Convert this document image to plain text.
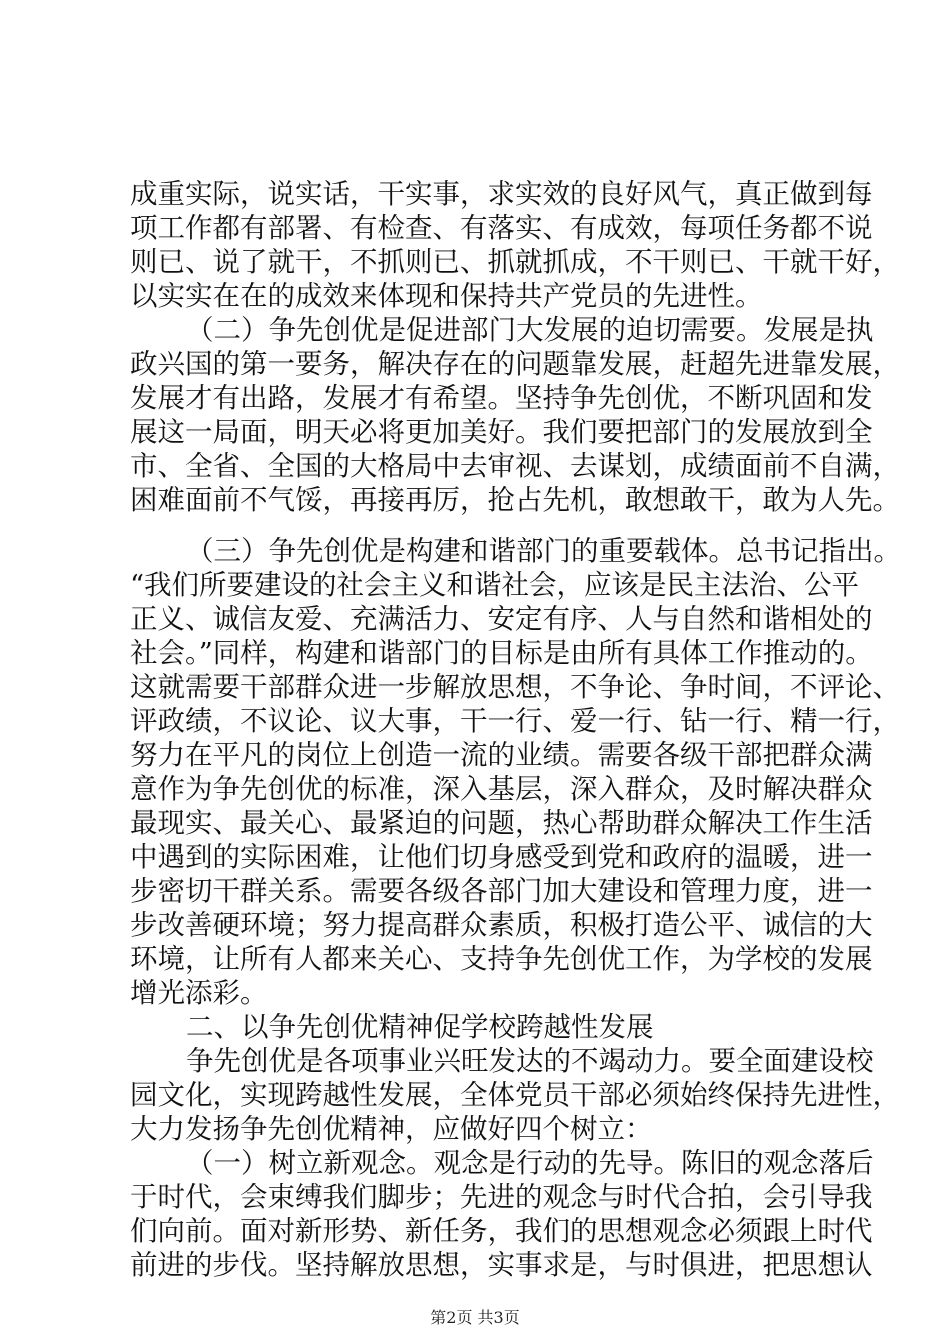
成重实际，说实话，干实事，求实效的良好风气，真正做到每
项工作都有部署、有检查、有落实、有成效，每项任务都不说
则已、说了就干，不抓则已、抓就抓成，不干则已、干就干好，
以实实在在的成效来体现和保持共产党员的先进性。
（二）争先创优是促进部门大发展的迫切需要。发展是执
政兴国的第一要务，解决存在的问题靠发展，赶超先进靠发展，
发展才有出路，发展才有希望。坚持争先创优，不断巩固和发
展这一局面，明天必将更加美好。我们要把部门的发展放到全
市、全省、全国的大格局中去审视、去谋划，成绩面前不自满，
困难面前不气馁，再接再厉，抢占先机，敢想敢干，敢为人先。
（三）争先创优是构建和谐部门的重要载体。总书记指出。
“我们所要建设的社会主义和谐社会，应该是民主法治、公平
正义、诚信友爱、充满活力、安定有序、人与自然和谐相处的
社会。”同样，构建和谐部门的目标是由所有具体工作推动的。
这就需要干部群众进一步解放思想，不争论、争时间，不评论、
评政绩，不议论、议大事，干一行、爱一行、钻一行、精一行，
努力在平凡的岗位上创造一流的业绩。需要各级干部把群众满
意作为争先创优的标准，深入基层，深入群众，及时解决群众
最现实、最关心、最紧迫的问题，热心帮助群众解决工作生活
中遇到的实际困难，让他们切身感受到党和政府的温暖，进一
步密切干群关系。需要各级各部门加大建设和管理力度，进一
步改善硬环境；努力提高群众素质，积极打造公平、诚信的大
环境，让所有人都来关心、支持争先创优工作，为学校的发展
增光添彩。
二、以争先创优精神促学校跨越性发展
争先创优是各项事业兴旺发达的不竭动力。要全面建设校
园文化，实现跨越性发展，全体党员干部必须始终保持先进性，
大力发扬争先创优精神，应做好四个树立：
（一）树立新观念。观念是行动的先导。陈旧的观念落后
于时代，会束缚我们脚步；先进的观念与时代合拍，会引导我
们向前。面对新形势、新任务，我们的思想观念必须跟上时代
前进的步伐。坚持解放思想，实事求是，与时俱进，把思想认
第2页 共3页
